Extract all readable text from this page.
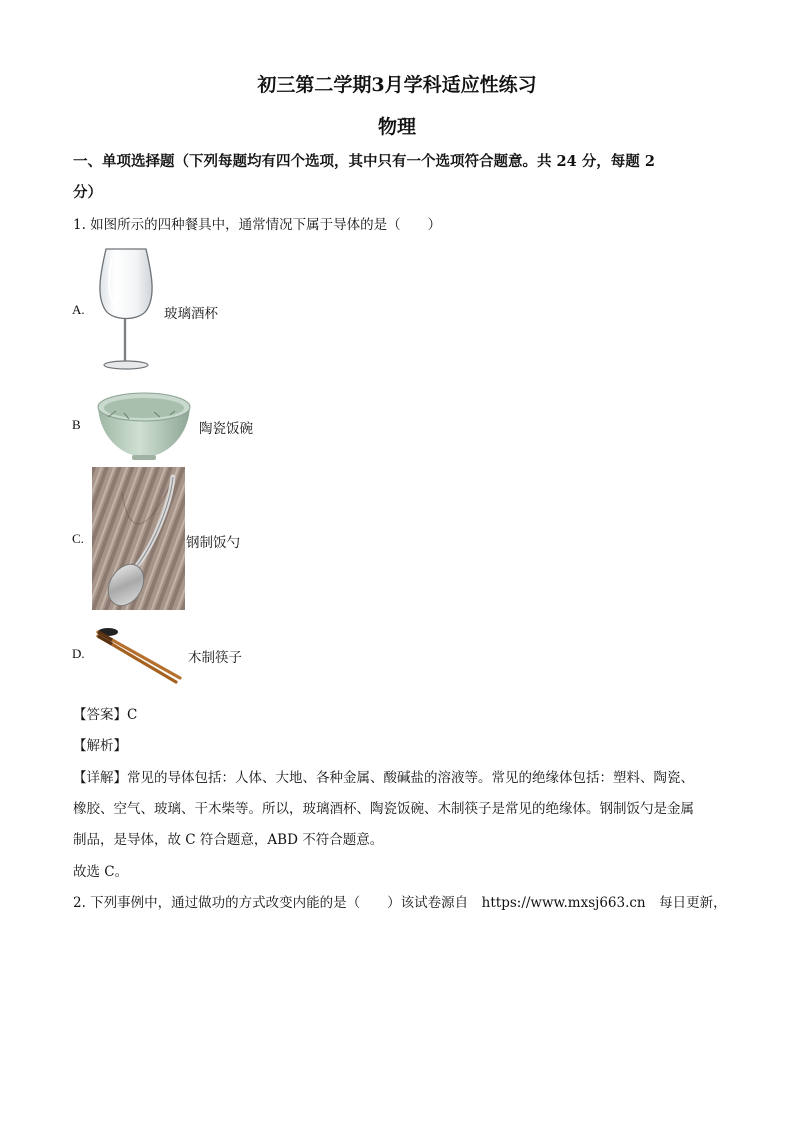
初三第二学期3月学科适应性练习
物理
一、单项选择题（下列每题均有四个选项，其中只有一个选项符合题意。共 24 分，每题 2
分）
1. 如图所示的四种餐具中，通常情况下属于导体的是（　　）
A.	玻璃酒杯
B	陶瓷饭碗
C.	钢制饭勺
D.	木制筷子
【答案】C
【解析】
【详解】常见的导体包括：人体、大地、各种金属、酸碱盐的溶液等。常见的绝缘体包括：塑料、陶瓷、
橡胶、空气、玻璃、干木柴等。所以，玻璃酒杯、陶瓷饭碗、木制筷子是常见的绝缘体。钢制饭勺是金属
制品，是导体，故 C 符合题意，ABD 不符合题意。
故选 C。
2. 下列事例中，通过做功的方式改变内能的是（　　）该试卷源自　https://www.mxsj663.cn　每日更新，
